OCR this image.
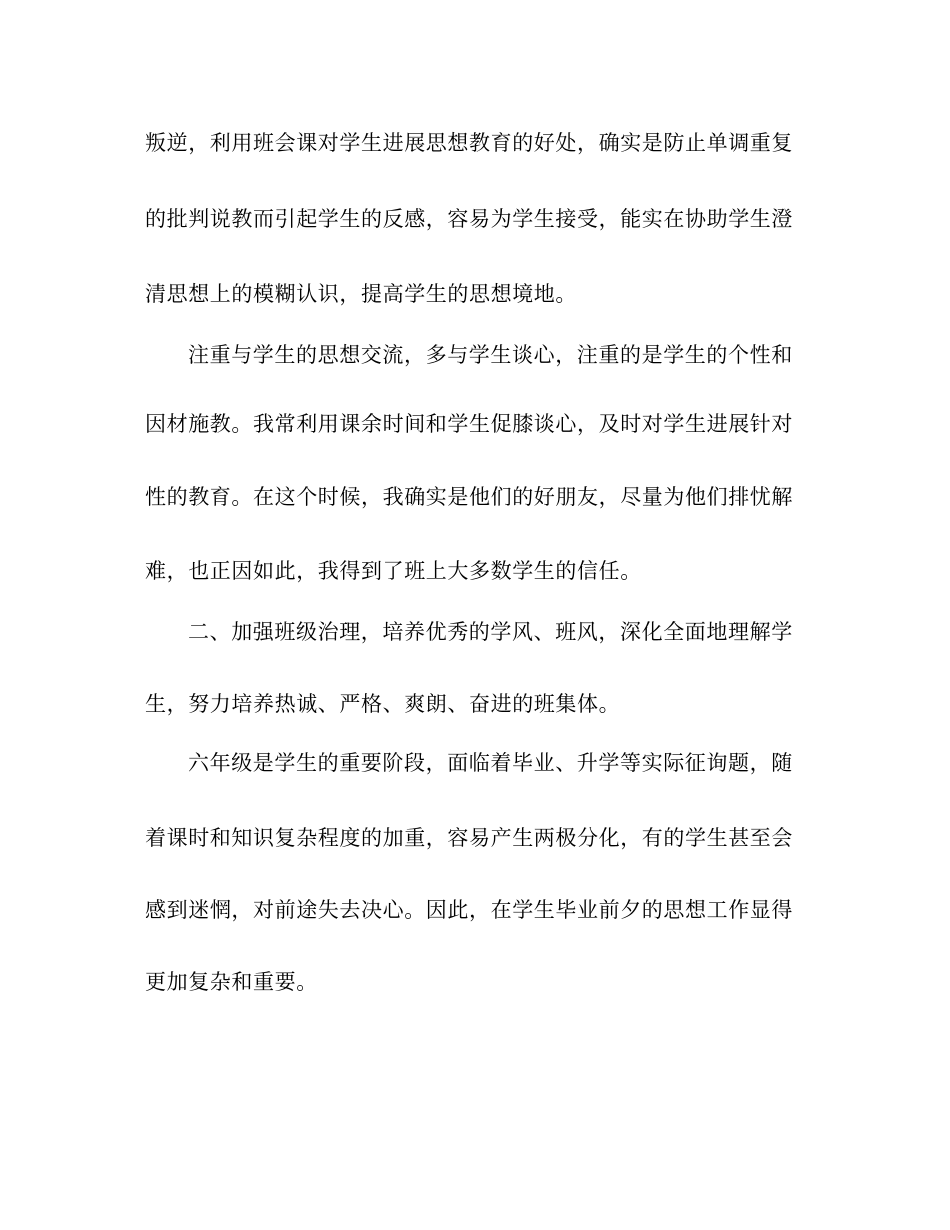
叛逆，利用班会课对学生进展思想教育的好处，确实是防止单调重复
的批判说教而引起学生的反感，容易为学生接受，能实在协助学生澄
清思想上的模糊认识，提高学生的思想境地。
注重与学生的思想交流，多与学生谈心，注重的是学生的个性和
因材施教。我常利用课余时间和学生促膝谈心，及时对学生进展针对
性的教育。在这个时候，我确实是他们的好朋友，尽量为他们排忧解
难，也正因如此，我得到了班上大多数学生的信任。
二、加强班级治理，培养优秀的学风、班风，深化全面地理解学
生，努力培养热诚、严格、爽朗、奋进的班集体。
六年级是学生的重要阶段，面临着毕业、升学等实际征询题，随
着课时和知识复杂程度的加重，容易产生两极分化，有的学生甚至会
感到迷惘，对前途失去决心。因此，在学生毕业前夕的思想工作显得
更加复杂和重要。
